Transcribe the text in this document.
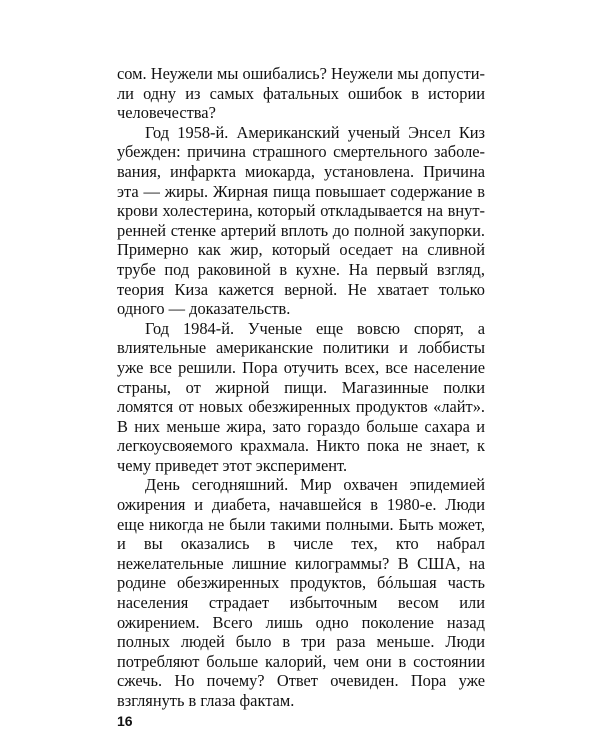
сом. Неужели мы ошибались? Неужели мы допустили одну из самых фатальных ошибок в истории человечества?

Год 1958-й. Американский ученый Энсел Киз убежден: причина страшного смертельного заболевания, инфаркта миокарда, установлена. Причина эта — жиры. Жирная пища повышает содержание в крови холестерина, который откладывается на внутренней стенке артерий вплоть до полной закупорки. Примерно как жир, который оседает на сливной трубе под раковиной в кухне. На первый взгляд, теория Киза кажется верной. Не хватает только одного — доказательств.

Год 1984-й. Ученые еще вовсю спорят, а влиятельные американские политики и лоббисты уже все решили. Пора отучить всех, все население страны, от жирной пищи. Магазинные полки ломятся от новых обезжиренных продуктов «лайт». В них меньше жира, зато гораздо больше сахара и легкоусвояемого крахмала. Никто пока не знает, к чему приведет этот эксперимент.

День сегодняшний. Мир охвачен эпидемией ожирения и диабета, начавшейся в 1980-е. Люди еще никогда не были такими полными. Быть может, и вы оказались в числе тех, кто набрал нежелательные лишние килограммы? В США, на родине обезжиренных продуктов, бóльшая часть населения страдает избыточным весом или ожирением. Всего лишь одно поколение назад полных людей было в три раза меньше. Люди потребляют больше калорий, чем они в состоянии сжечь. Но почему? Ответ очевиден. Пора уже взглянуть в глаза фактам.

16
